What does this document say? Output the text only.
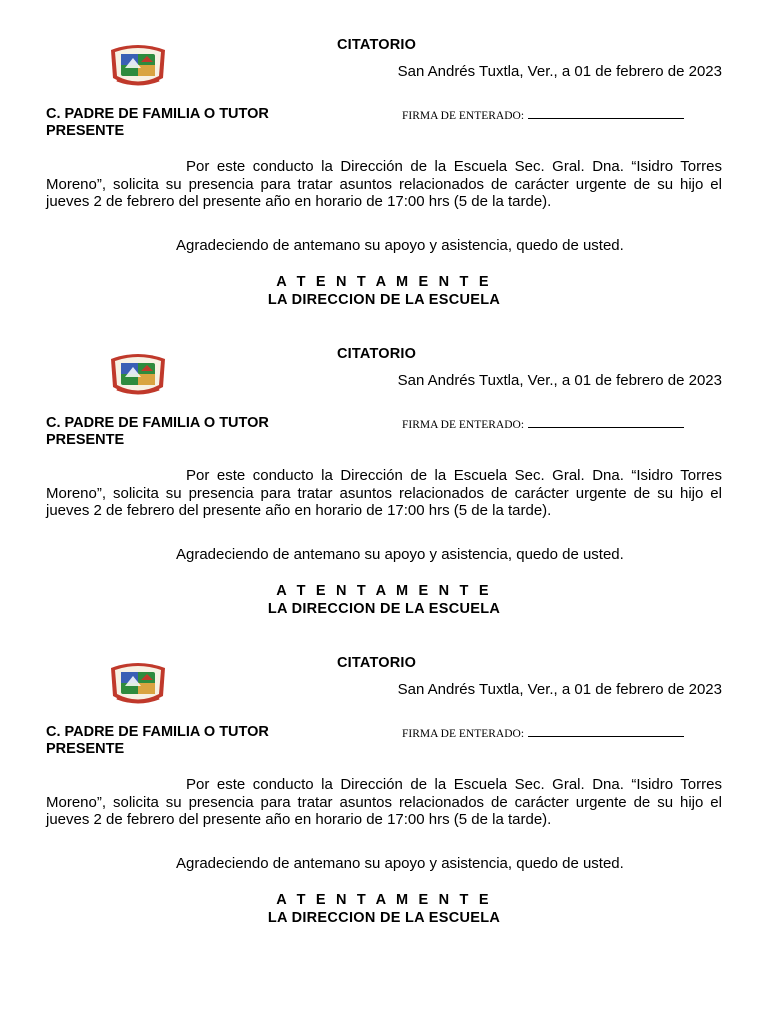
CITATORIO
San Andrés Tuxtla, Ver., a 01 de febrero de 2023
C. PADRE DE FAMILIA O TUTOR
PRESENTE
FIRMA DE ENTERADO:
Por este conducto la Dirección de la Escuela Sec. Gral. Dna. “Isidro Torres Moreno”, solicita su presencia para tratar asuntos relacionados de carácter urgente de su hijo el jueves 2 de febrero del presente año en horario de 17:00 hrs (5 de la tarde).
Agradeciendo de antemano su apoyo y asistencia, quedo de usted.
A T E N T A M E N T E
LA DIRECCION DE LA ESCUELA
CITATORIO
San Andrés Tuxtla, Ver., a 01 de febrero de 2023
C. PADRE DE FAMILIA O TUTOR
PRESENTE
FIRMA DE ENTERADO:
Por este conducto la Dirección de la Escuela Sec. Gral. Dna. “Isidro Torres Moreno”, solicita su presencia para tratar asuntos relacionados de carácter urgente de su hijo el jueves 2 de febrero del presente año en horario de 17:00 hrs (5 de la tarde).
Agradeciendo de antemano su apoyo y asistencia, quedo de usted.
A T E N T A M E N T E
LA DIRECCION DE LA ESCUELA
CITATORIO
San Andrés Tuxtla, Ver., a 01 de febrero de 2023
C. PADRE DE FAMILIA O TUTOR
PRESENTE
FIRMA DE ENTERADO:
Por este conducto la Dirección de la Escuela Sec. Gral. Dna. “Isidro Torres Moreno”, solicita su presencia para tratar asuntos relacionados de carácter urgente de su hijo el jueves 2 de febrero del presente año en horario de 17:00 hrs (5 de la tarde).
Agradeciendo de antemano su apoyo y asistencia, quedo de usted.
A T E N T A M E N T E
LA DIRECCION DE LA ESCUELA
